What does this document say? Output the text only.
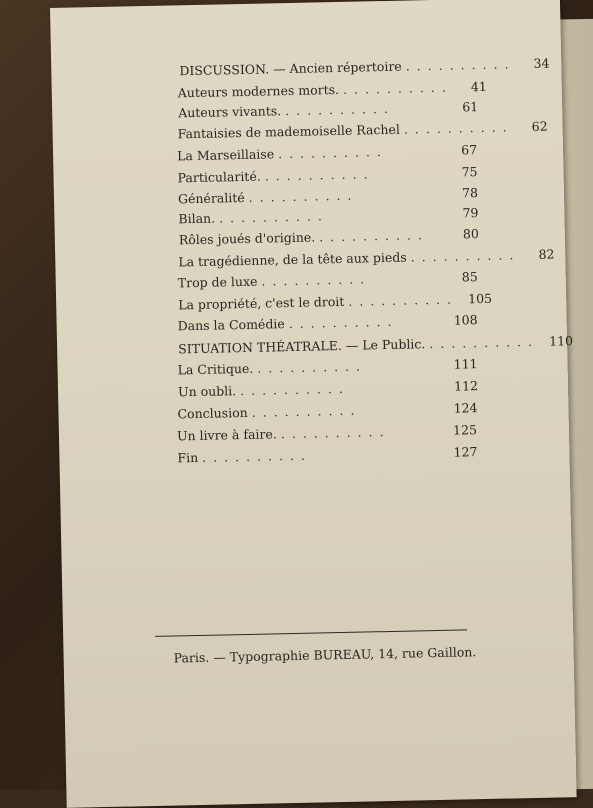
DISCUSSION. — Ancien répertoire ..........	34
Auteurs modernes morts. ..........	41
Auteurs vivants. ..........	61
Fantaisies de mademoiselle Rachel ..........	62
La Marseillaise ..........	67
Particularité. ..........	75
Généralité ..........	78
Bilan. ..........	79
Rôles joués d'origine. ..........	80
La tragédienne, de la tête aux pieds ..........	82
Trop de luxe ..........	85
La propriété, c'est le droit .......... 105
Dans la Comédie ..........	108
SITUATION THÉATRALE. — Le Public. .......... 110
La Critique. ..........	111
Un oubli. ..........	112
Conclusion ..........	124
Un livre à faire. ..........	125
Fin ..........	127
Paris. — Typographie BUREAU, 14, rue Gaillon.
